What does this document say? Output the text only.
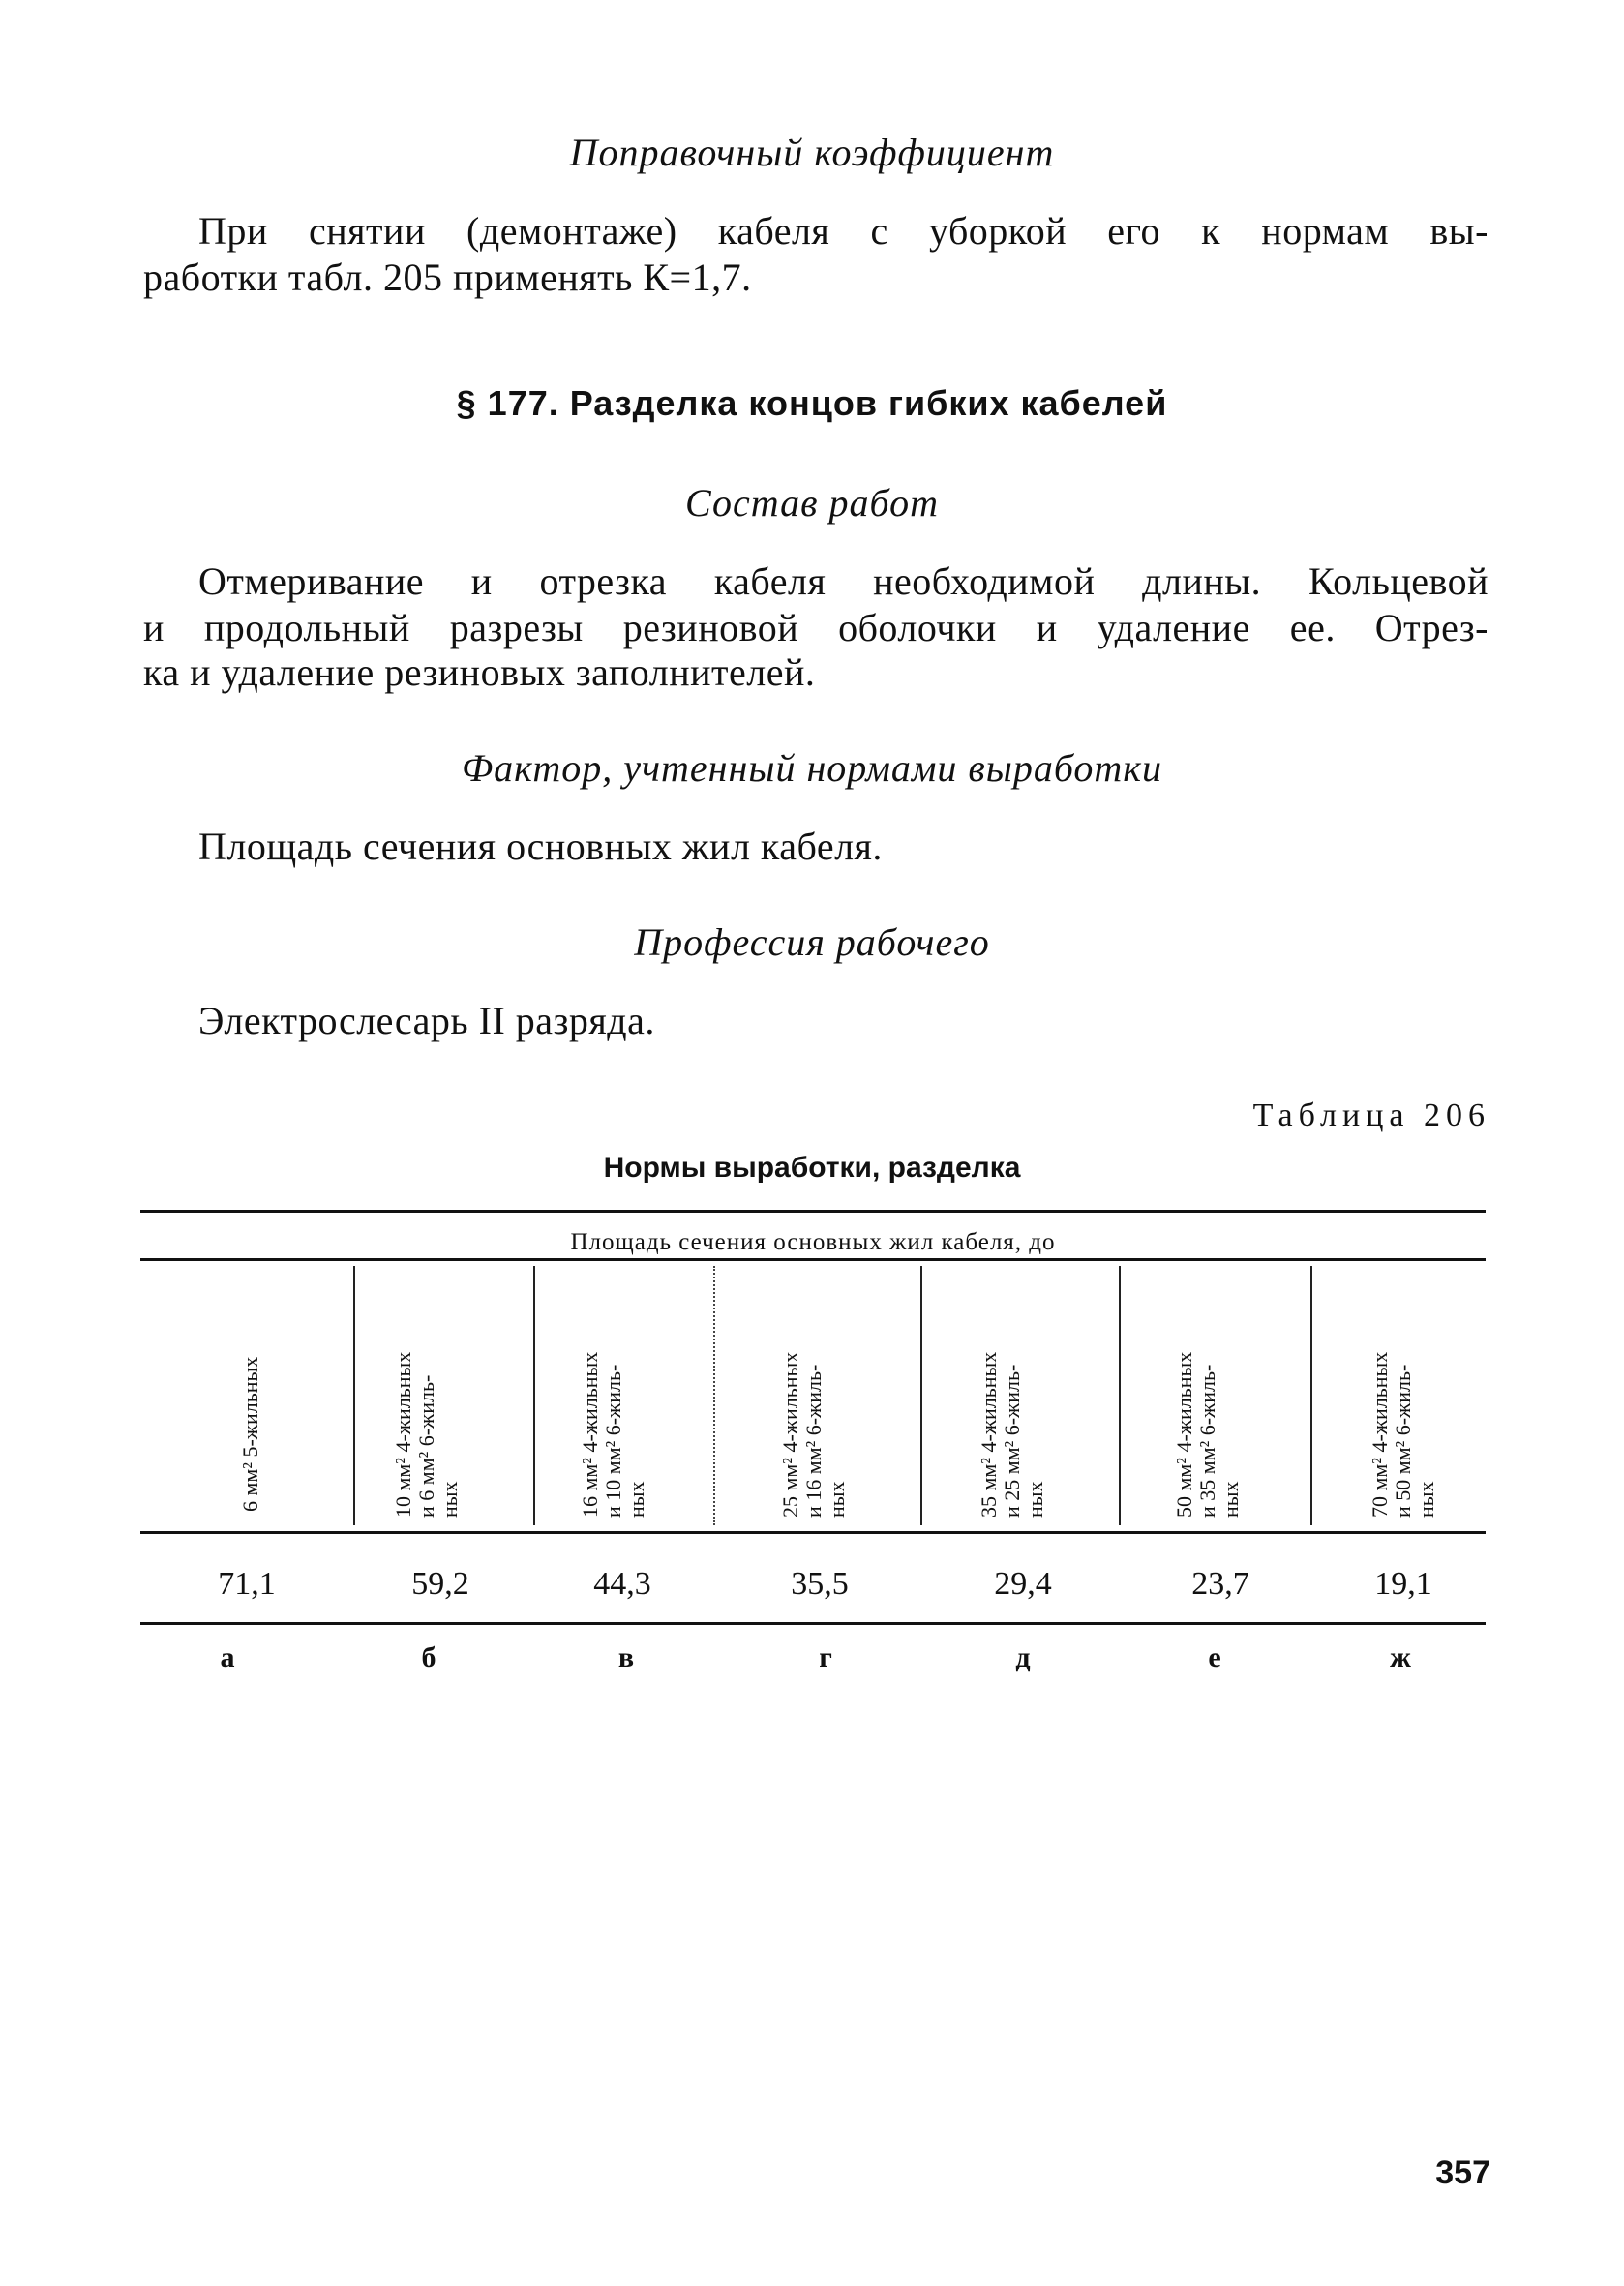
Поправочный коэффициент

При снятии (демонтаже) кабеля с уборкой его к нормам вы-
работки табл. 205 применять К=1,7.

§ 177. Разделка концов гибких кабелей

Состав работ

Отмеривание и отрезка кабеля необходимой длины. Кольцевой
и продольный разрезы резиновой оболочки и удаление ее. Отрез-
ка и удаление резиновых заполнителей.

Фактор, учтенный нормами выработки

Площадь сечения основных жил кабеля.

Профессия рабочего

Электрослесарь II разряда.

Таблица 206

Нормы выработки, разделка

Площадь сечения основных жил кабеля, до

6 мм² 5-жильных	10 мм² 4-жильных и 6 мм² 6-жиль- ных	16 мм² 4-жильных и 10 мм² 6-жиль- ных	25 мм² 4-жильных и 16 мм² 6-жиль- ных	35 мм² 4-жильных и 25 мм² 6-жиль- ных	50 мм² 4-жильных и 35 мм² 6-жиль- ных	70 мм² 4-жильных и 50 мм² 6-жиль- ных

71,1	59,2	44,3	35,5	29,4	23,7	19,1

а	б	в	г	д	е	ж

357
